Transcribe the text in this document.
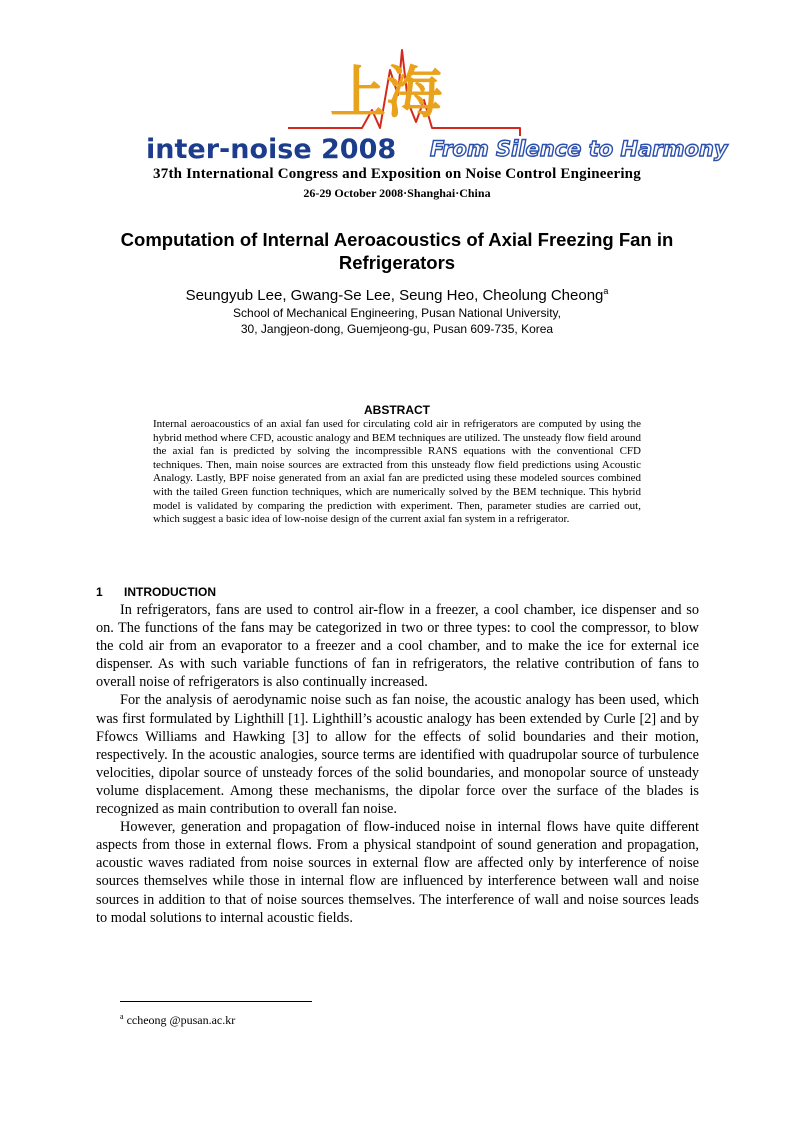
上海
inter-noise 2008 From Silence to Harmony
37th International Congress and Exposition on Noise Control Engineering
26-29 October 2008·Shanghai·China
Computation of Internal Aeroacoustics of Axial Freezing Fan in Refrigerators
Seungyub Lee, Gwang-Se Lee, Seung Heo, Cheolung Cheong$^a$
School of Mechanical Engineering, Pusan National University,
30, Jangjeon-dong, Guemjeong-gu, Pusan 609-735, Korea
ABSTRACT
Internal aeroacoustics of an axial fan used for circulating cold air in refrigerators are computed by using the hybrid method where CFD, acoustic analogy and BEM techniques are utilized. The unsteady flow field around the axial fan is predicted by solving the incompressible RANS equations with the conventional CFD techniques. Then, main noise sources are extracted from this unsteady flow field predictions using Acoustic Analogy. Lastly, BPF noise generated from an axial fan are predicted using these modeled sources combined with the tailed Green function techniques, which are numerically solved by the BEM technique. This hybrid model is validated by comparing the prediction with experiment. Then, parameter studies are carried out, which suggest a basic idea of low-noise design of the current axial fan system in a refrigerator.
1 INTRODUCTION

In refrigerators, fans are used to control air-flow in a freezer, a cool chamber, ice dispenser and so on. The functions of the fans may be categorized in two or three types: to cool the compressor, to blow the cold air from an evaporator to a freezer and a cool chamber, and to make the ice for external ice dispenser. As with such variable functions of fan in refrigerators, the relative contribution of fans to overall noise of refrigerators is also continually increased.

For the analysis of aerodynamic noise such as fan noise, the acoustic analogy has been used, which was first formulated by Lighthill [1]. Lighthill’s acoustic analogy has been extended by Curle [2] and by Ffowcs Williams and Hawking [3] to allow for the effects of solid boundaries and their motion, respectively. In the acoustic analogies, source terms are identified with quadrupolar source of turbulence velocities, dipolar source of unsteady forces of the solid boundaries, and monopolar source of unsteady volume displacement. Among these mechanisms, the dipolar force over the surface of the blades is recognized as main contribution to overall fan noise.

However, generation and propagation of flow-induced noise in internal flows have quite different aspects from those in external flows. From a physical standpoint of sound generation and propagation, acoustic waves radiated from noise sources in external flow are affected only by interference of noise sources themselves while those in internal flow are influenced by interference between wall and noise sources in addition to that of noise sources themselves. The interference of wall and noise sources leads to modal solutions to internal acoustic fields.

$^a$ ccheong @pusan.ac.kr
